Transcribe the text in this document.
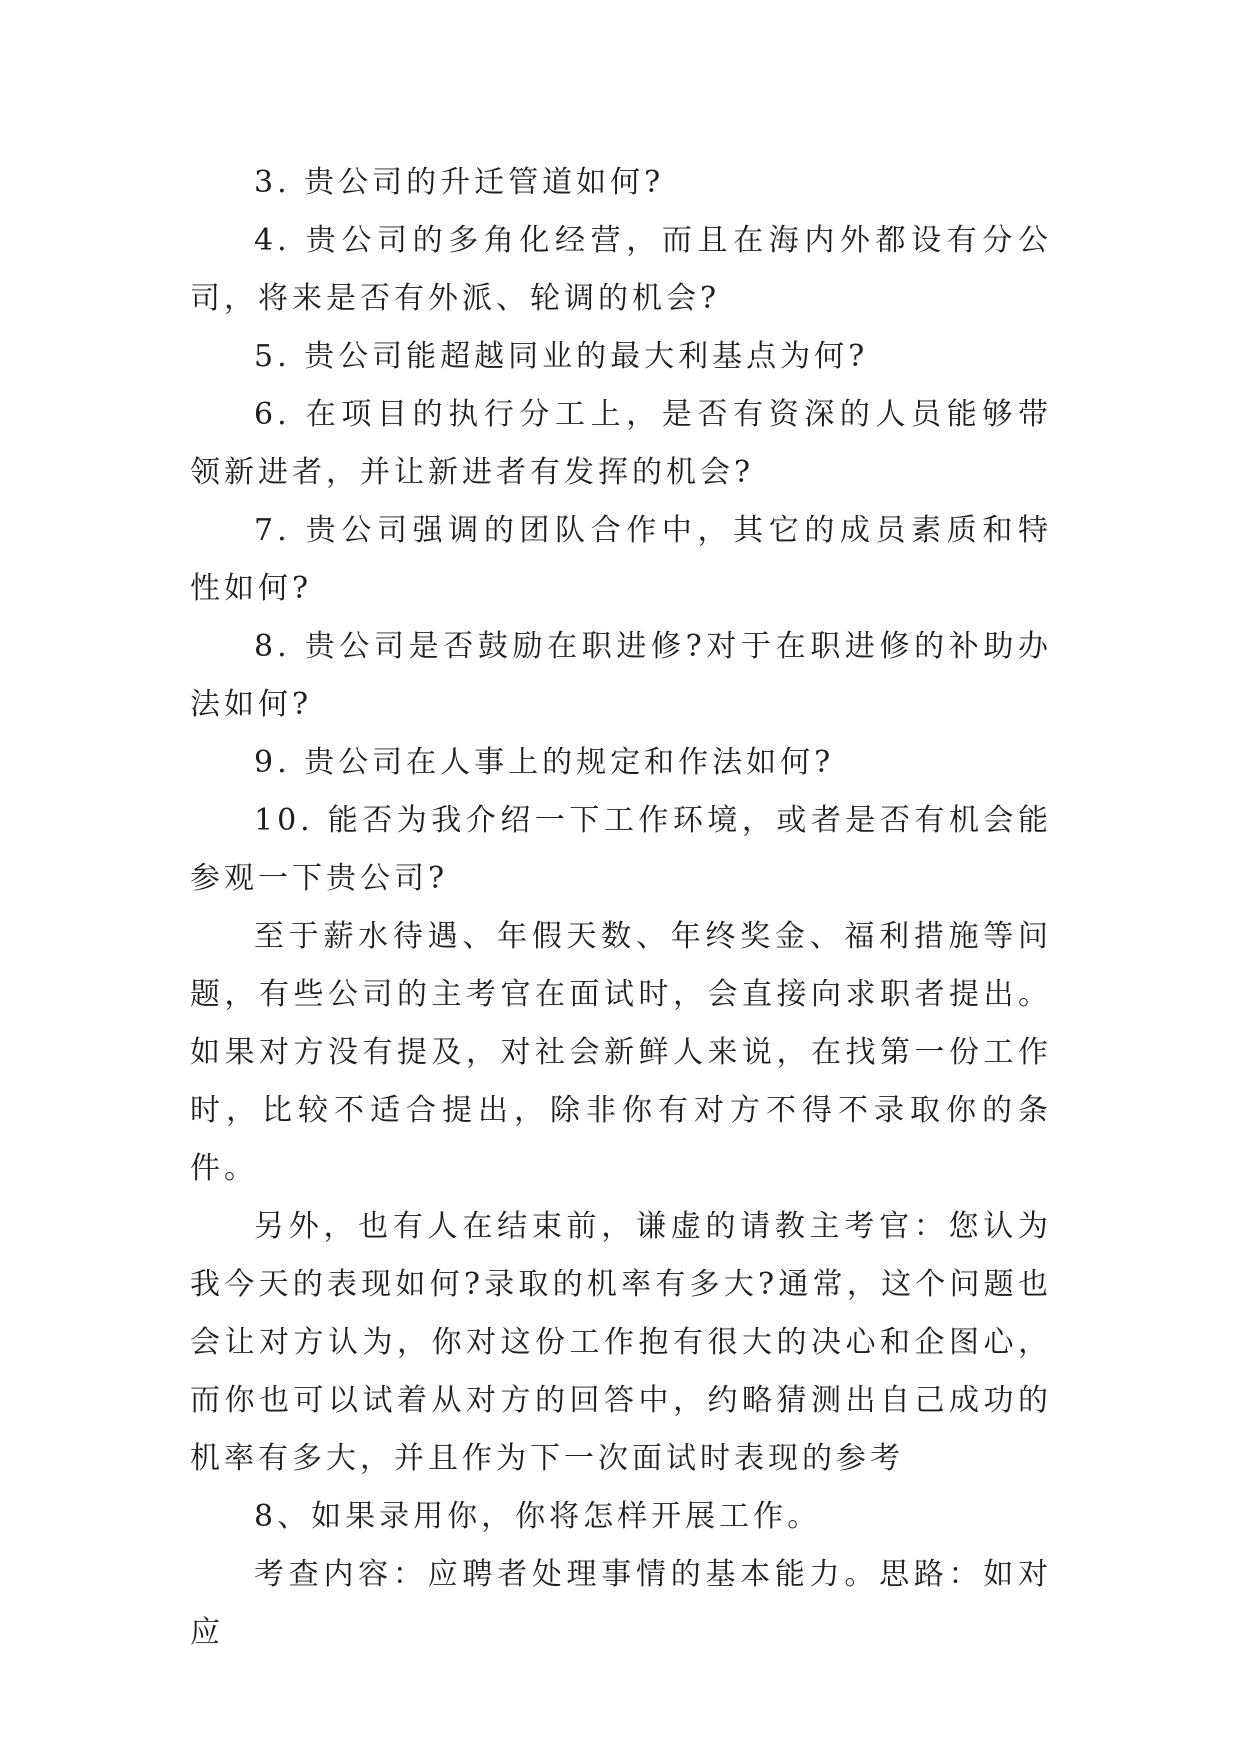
3. 贵公司的升迁管道如何?

4. 贵公司的多角化经营，而且在海内外都设有分公司，将来是否有外派、轮调的机会?

5. 贵公司能超越同业的最大利基点为何?

6. 在项目的执行分工上，是否有资深的人员能够带领新进者，并让新进者有发挥的机会?

7. 贵公司强调的团队合作中，其它的成员素质和特性如何?

8. 贵公司是否鼓励在职进修?对于在职进修的补助办法如何?

9. 贵公司在人事上的规定和作法如何?

10. 能否为我介绍一下工作环境，或者是否有机会能参观一下贵公司?

至于薪水待遇、年假天数、年终奖金、福利措施等问题，有些公司的主考官在面试时，会直接向求职者提出。如果对方没有提及，对社会新鲜人来说，在找第一份工作时，比较不适合提出，除非你有对方不得不录取你的条件。

另外，也有人在结束前，谦虚的请教主考官：您认为我今天的表现如何?录取的机率有多大?通常，这个问题也会让对方认为，你对这份工作抱有很大的决心和企图心，而你也可以试着从对方的回答中，约略猜测出自己成功的机率有多大，并且作为下一次面试时表现的参考

8、如果录用你，你将怎样开展工作。

考查内容：应聘者处理事情的基本能力。思路：如对应
